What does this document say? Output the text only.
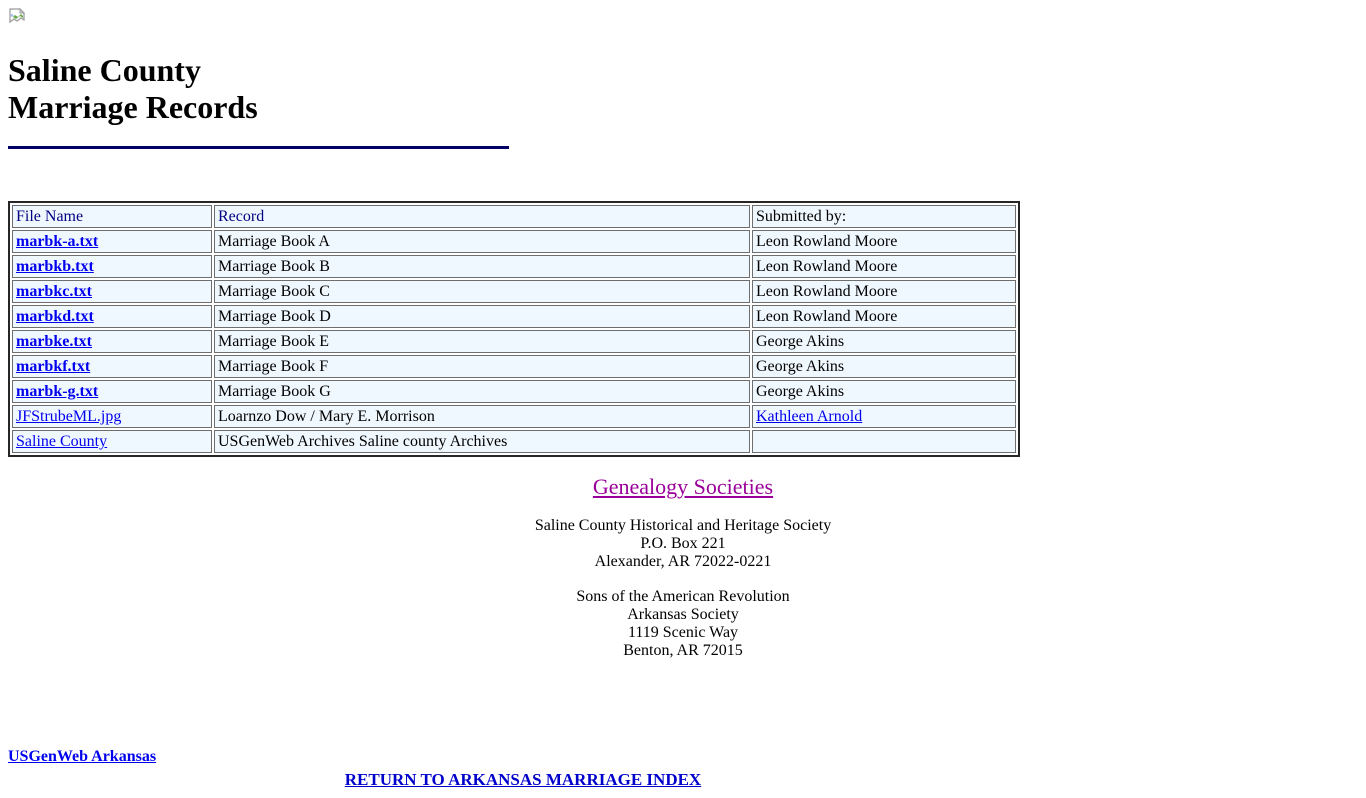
Saline County
Marriage Records
File Name	Record	Submitted by:
marbk-a.txt	Marriage Book A	Leon Rowland Moore
marbkb.txt	Marriage Book B	Leon Rowland Moore
marbkc.txt	Marriage Book C	Leon Rowland Moore
marbkd.txt	Marriage Book D	Leon Rowland Moore
marbke.txt	Marriage Book E	George Akins
marbkf.txt	Marriage Book F	George Akins
marbk-g.txt	Marriage Book G	George Akins
JFStrubeML.jpg	Loarnzo Dow / Mary E. Morrison	Kathleen Arnold
Saline County	USGenWeb Archives Saline county Archives	
Genealogy Societies
Saline County Historical and Heritage Society
P.O. Box 221
Alexander, AR 72022-0221
Sons of the American Revolution
Arkansas Society
1119 Scenic Way
Benton, AR 72015
USGenWeb Arkansas
RETURN TO ARKANSAS MARRIAGE INDEX
